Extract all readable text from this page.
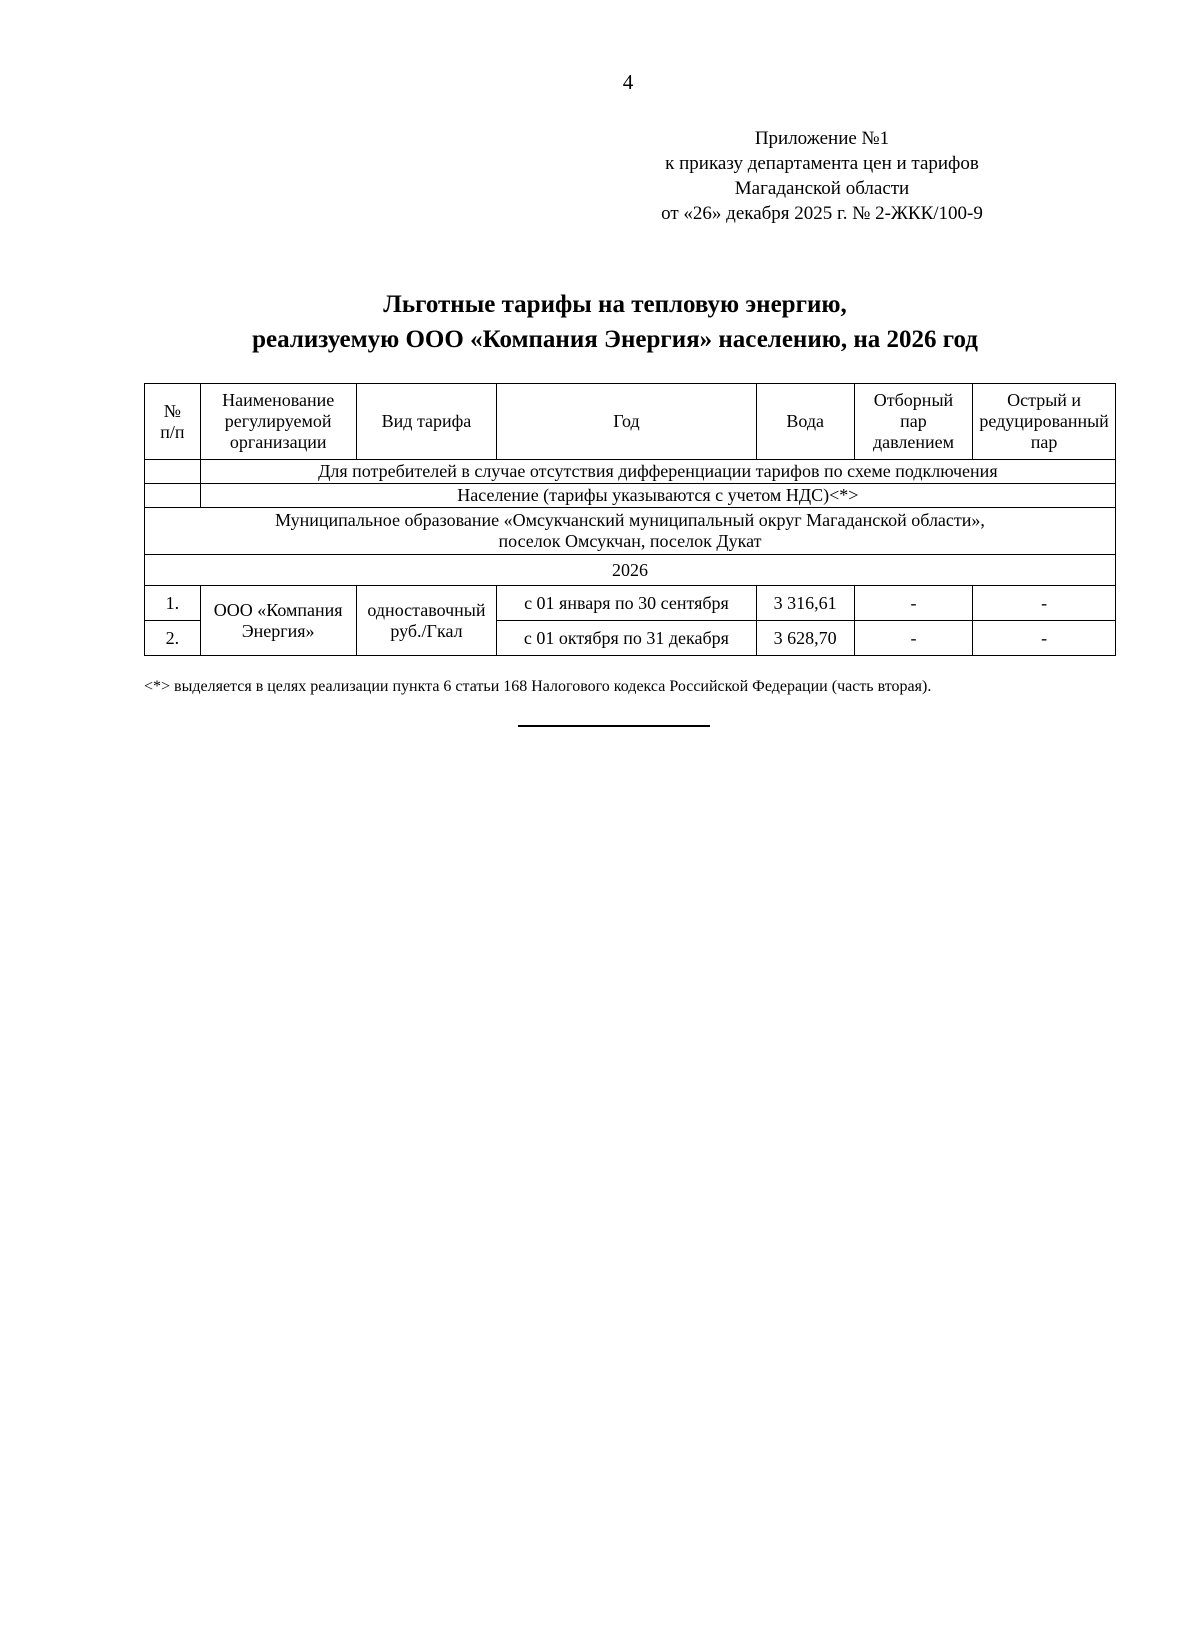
4
Приложение №1
к приказу департамента цен и тарифов
Магаданской области
от «26» декабря 2025 г. № 2-ЖКК/100-9
Льготные тарифы на тепловую энергию,
реализуемую ООО «Компания Энергия» населению, на 2026 год
№
п/п	Наименование
регулируемой
организации	Вид тарифа	Год	Вода	Отборный
пар
давлением	Острый и
редуцированный
пар
	Для потребителей в случае отсутствия дифференциации тарифов по схеме подключения					
	Население (тарифы указываются с учетом НДС)<*>					
Муниципальное образование «Омсукчанский муниципальный округ Магаданской области»,
поселок Омсукчан, поселок Дукат						
2026						
1.	ООО «Компания
Энергия»	одноставочный
руб./Гкал	с 01 января по 30 сентября	3 316,61	-	-
2.			с 01 октября по 31 декабря	3 628,70	-	-
<*> выделяется в целях реализации пункта 6 статьи 168 Налогового кодекса Российской Федерации (часть вторая).
